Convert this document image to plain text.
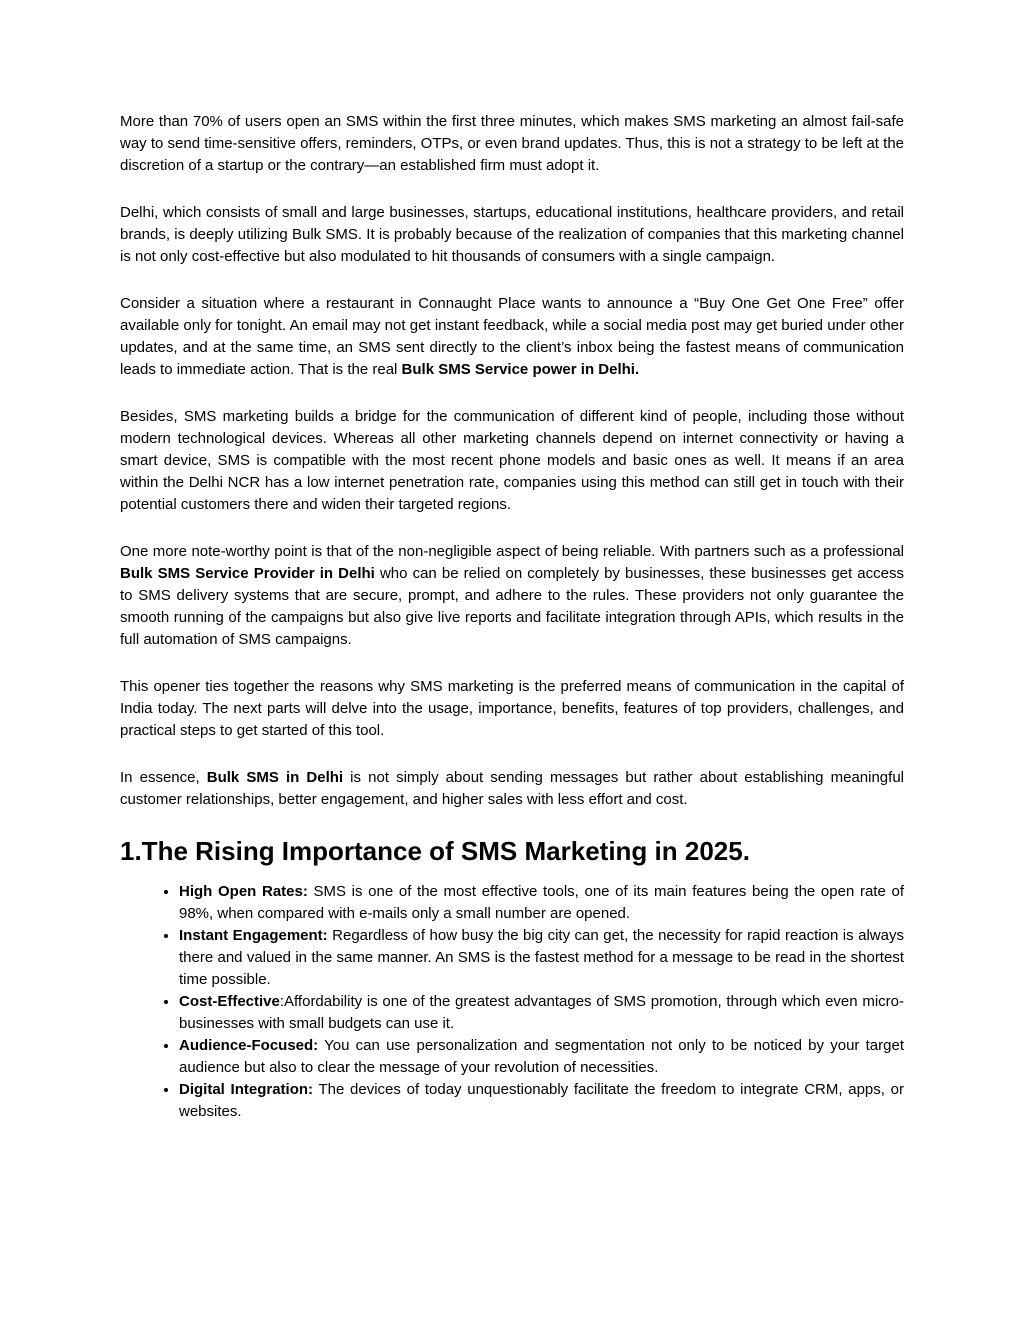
More than 70% of users open an SMS within the first three minutes, which makes SMS marketing an almost fail-safe way to send time-sensitive offers, reminders, OTPs, or even brand updates. Thus, this is not a strategy to be left at the discretion of a startup or the contrary—an established firm must adopt it.

Delhi, which consists of small and large businesses, startups, educational institutions, healthcare providers, and retail brands, is deeply utilizing Bulk SMS. It is probably because of the realization of companies that this marketing channel is not only cost-effective but also modulated to hit thousands of consumers with a single campaign.

Consider a situation where a restaurant in Connaught Place wants to announce a “Buy One Get One Free” offer available only for tonight. An email may not get instant feedback, while a social media post may get buried under other updates, and at the same time, an SMS sent directly to the client’s inbox being the fastest means of communication leads to immediate action. That is the real Bulk SMS Service power in Delhi.

Besides, SMS marketing builds a bridge for the communication of different kind of people, including those without modern technological devices. Whereas all other marketing channels depend on internet connectivity or having a smart device, SMS is compatible with the most recent phone models and basic ones as well. It means if an area within the Delhi NCR has a low internet penetration rate, companies using this method can still get in touch with their potential customers there and widen their targeted regions.

One more note-worthy point is that of the non-negligible aspect of being reliable. With partners such as a professional Bulk SMS Service Provider in Delhi who can be relied on completely by businesses, these businesses get access to SMS delivery systems that are secure, prompt, and adhere to the rules. These providers not only guarantee the smooth running of the campaigns but also give live reports and facilitate integration through APIs, which results in the full automation of SMS campaigns.

This opener ties together the reasons why SMS marketing is the preferred means of communication in the capital of India today. The next parts will delve into the usage, importance, benefits, features of top providers, challenges, and practical steps to get started of this tool.

In essence, Bulk SMS in Delhi is not simply about sending messages but rather about establishing meaningful customer relationships, better engagement, and higher sales with less effort and cost.

1.The Rising Importance of SMS Marketing in 2025.
• High Open Rates: SMS is one of the most effective tools, one of its main features being the open rate of 98%, when compared with e-mails only a small number are opened.
• Instant Engagement: Regardless of how busy the big city can get, the necessity for rapid reaction is always there and valued in the same manner. An SMS is the fastest method for a message to be read in the shortest time possible.
• Cost-Effective:Affordability is one of the greatest advantages of SMS promotion, through which even micro-businesses with small budgets can use it.
• Audience-Focused: You can use personalization and segmentation not only to be noticed by your target audience but also to clear the message of your revolution of necessities.
• Digital Integration: The devices of today unquestionably facilitate the freedom to integrate CRM, apps, or websites.
